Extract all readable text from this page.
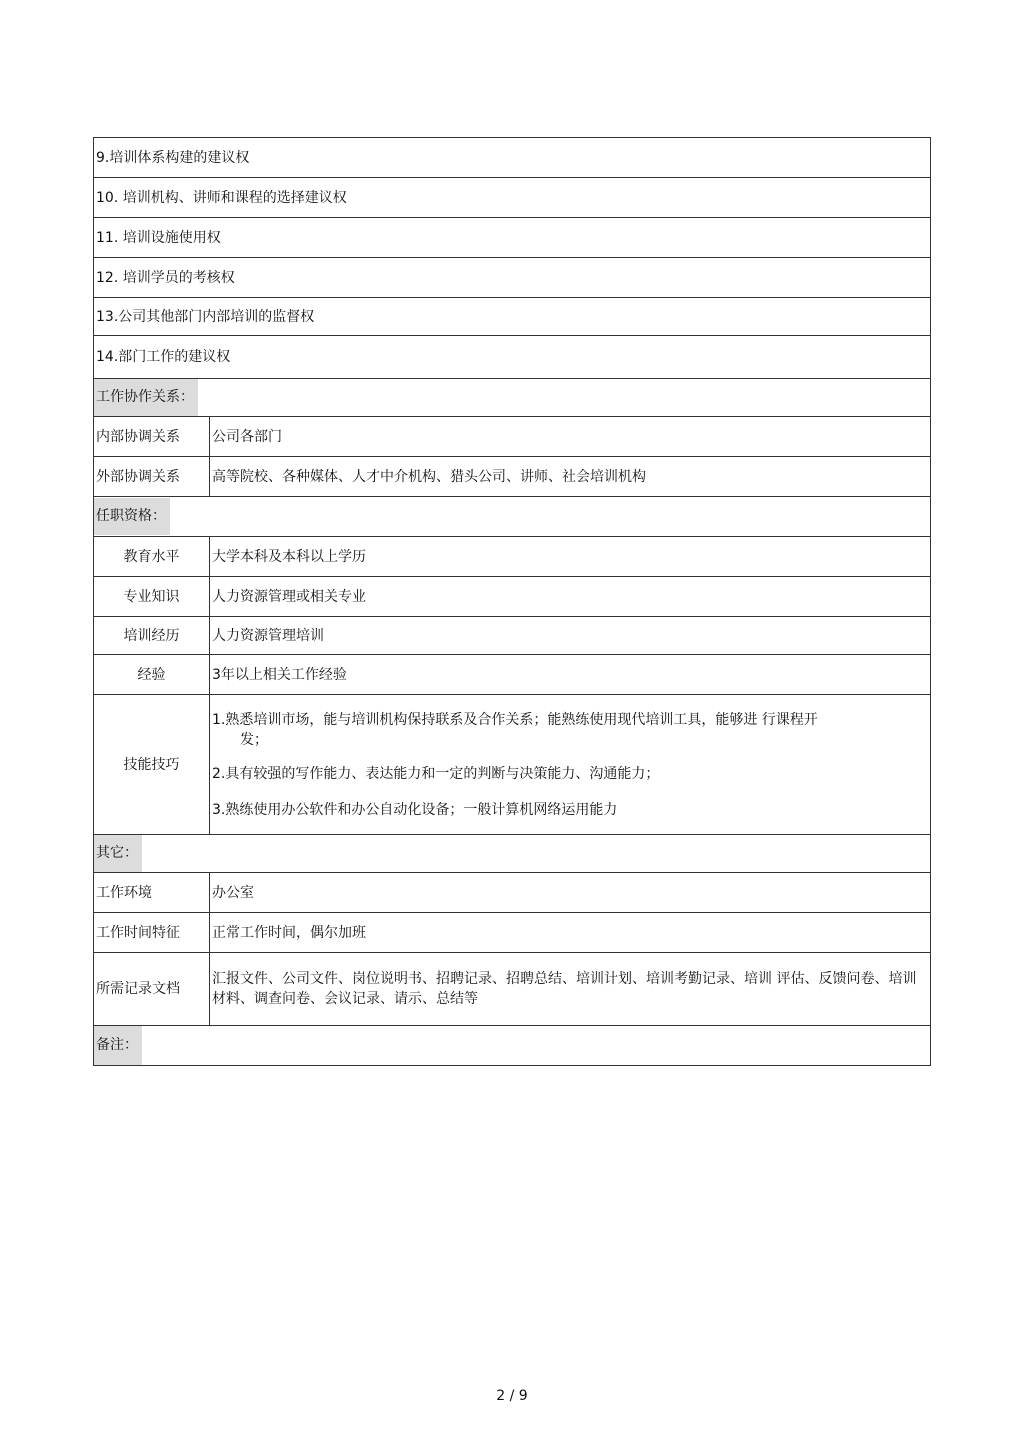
9.培训体系构建的建议权	
10. 培训机构、讲师和课程的选择建议权	
11. 培训设施使用权	
12. 培训学员的考核权	
13.公司其他部门内部培训的监督权	
14.部门工作的建议权	
工作协作关系：	
内部协调关系	公司各部门
外部协调关系	高等院校、各种媒体、人才中介机构、猎头公司、讲师、社会培训机构
任职资格：	
教育水平	大学本科及本科以上学历
专业知识	人力资源管理或相关专业
培训经历	人力资源管理培训
经验	3年以上相关工作经验
技能技巧	1.熟悉培训市场，能与培训机构保持联系及合作关系；能熟练使用现代培训工具，能够进 行课程开
发；
2.具有较强的写作能力、表达能力和一定的判断与决策能力、沟通能力；
3.熟练使用办公软件和办公自动化设备；一般计算机网络运用能力

其它：	
工作环境	办公室
工作时间特征	正常工作时间，偶尔加班
所需记录文档	汇报文件、公司文件、岗位说明书、招聘记录、招聘总结、培训计划、培训考勤记录、培训 评估、反馈问卷、培训材料、调查问卷、会议记录、请示、总结等
备注：	
2 / 9
